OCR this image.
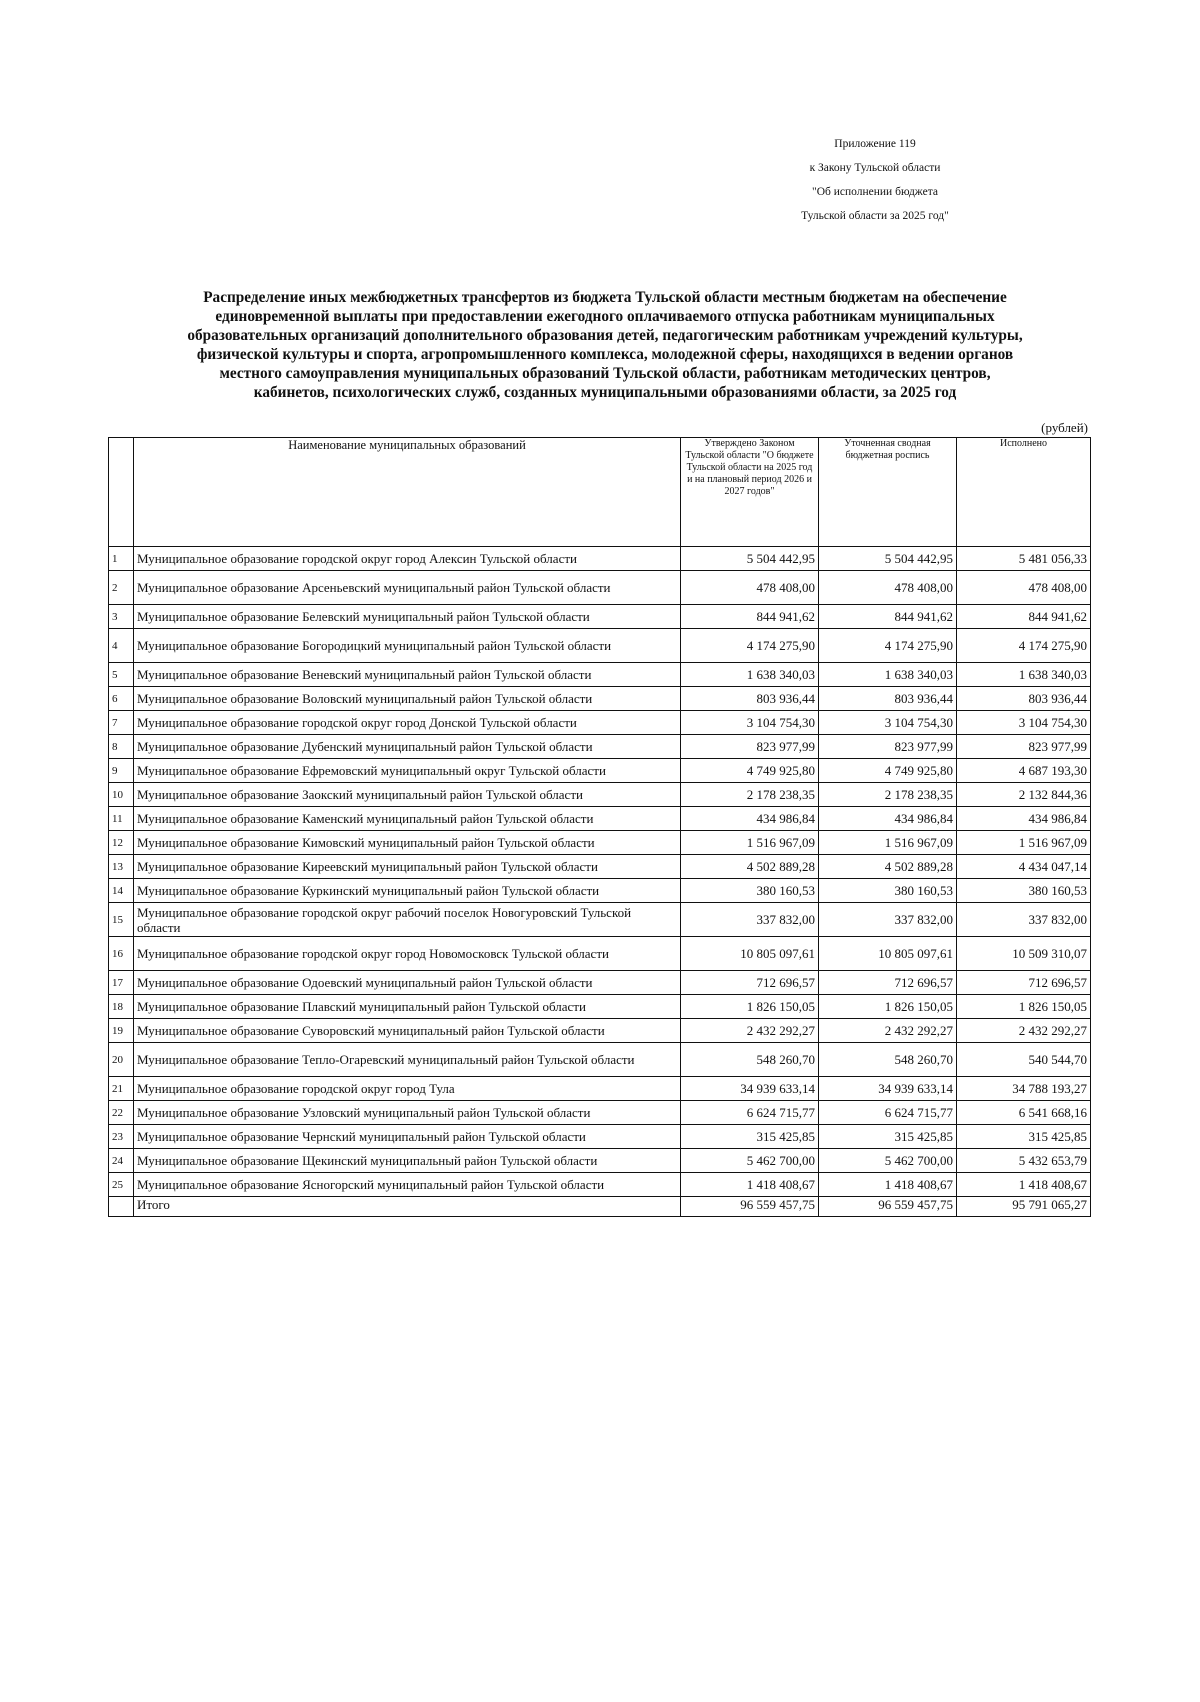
Приложение 119
к Закону Тульской области
"Об исполнении бюджета
Тульской области за 2025 год"
Распределение иных межбюджетных трансфертов из бюджета Тульской области местным бюджетам на обеспечение
единовременной выплаты при предоставлении ежегодного оплачиваемого отпуска работникам муниципальных
образовательных организаций дополнительного образования детей, педагогическим работникам учреждений культуры,
физической культуры и спорта, агропромышленного комплекса, молодежной сферы, находящихся в ведении органов
местного самоуправления муниципальных образований Тульской области, работникам методических центров,
кабинетов, психологических служб, созданных муниципальными образованиями области, за 2025 год
(рублей)
	Наименование муниципальных образований	Утверждено Законом Тульской области "О бюджете Тульской области на 2025 год и на плановый период 2026 и 2027 годов"	Уточненная сводная бюджетная роспись	Исполнено
1	Муниципальное образование городской округ город Алексин Тульской области	5 504 442,95	5 504 442,95	5 481 056,33
2	Муниципальное образование Арсеньевский муниципальный район Тульской области	478 408,00	478 408,00	478 408,00
3	Муниципальное образование Белевский муниципальный район Тульской области	844 941,62	844 941,62	844 941,62
4	Муниципальное образование Богородицкий муниципальный район Тульской области	4 174 275,90	4 174 275,90	4 174 275,90
5	Муниципальное образование Веневский муниципальный район Тульской области	1 638 340,03	1 638 340,03	1 638 340,03
6	Муниципальное образование Воловский муниципальный район Тульской области	803 936,44	803 936,44	803 936,44
7	Муниципальное образование городской округ город Донской Тульской области	3 104 754,30	3 104 754,30	3 104 754,30
8	Муниципальное образование Дубенский муниципальный район Тульской области	823 977,99	823 977,99	823 977,99
9	Муниципальное образование Ефремовский муниципальный округ Тульской области	4 749 925,80	4 749 925,80	4 687 193,30
10	Муниципальное образование Заокский муниципальный район Тульской области	2 178 238,35	2 178 238,35	2 132 844,36
11	Муниципальное образование Каменский муниципальный район Тульской области	434 986,84	434 986,84	434 986,84
12	Муниципальное образование Кимовский муниципальный район Тульской области	1 516 967,09	1 516 967,09	1 516 967,09
13	Муниципальное образование Киреевский муниципальный район Тульской области	4 502 889,28	4 502 889,28	4 434 047,14
14	Муниципальное образование Куркинский муниципальный район Тульской области	380 160,53	380 160,53	380 160,53
15	Муниципальное образование городской округ рабочий поселок Новогуровский Тульской области	337 832,00	337 832,00	337 832,00
16	Муниципальное образование городской округ город Новомосковск Тульской области	10 805 097,61	10 805 097,61	10 509 310,07
17	Муниципальное образование Одоевский муниципальный район Тульской области	712 696,57	712 696,57	712 696,57
18	Муниципальное образование Плавский муниципальный район Тульской области	1 826 150,05	1 826 150,05	1 826 150,05
19	Муниципальное образование Суворовский муниципальный район Тульской области	2 432 292,27	2 432 292,27	2 432 292,27
20	Муниципальное образование Тепло-Огаревский муниципальный район Тульской области	548 260,70	548 260,70	540 544,70
21	Муниципальное образование городской округ город Тула	34 939 633,14	34 939 633,14	34 788 193,27
22	Муниципальное образование Узловский муниципальный район Тульской области	6 624 715,77	6 624 715,77	6 541 668,16
23	Муниципальное образование Чернский муниципальный район Тульской области	315 425,85	315 425,85	315 425,85
24	Муниципальное образование Щекинский муниципальный район Тульской области	5 462 700,00	5 462 700,00	5 432 653,79
25	Муниципальное образование Ясногорский муниципальный район Тульской области	1 418 408,67	1 418 408,67	1 418 408,67
	Итого	96 559 457,75	96 559 457,75	95 791 065,27
